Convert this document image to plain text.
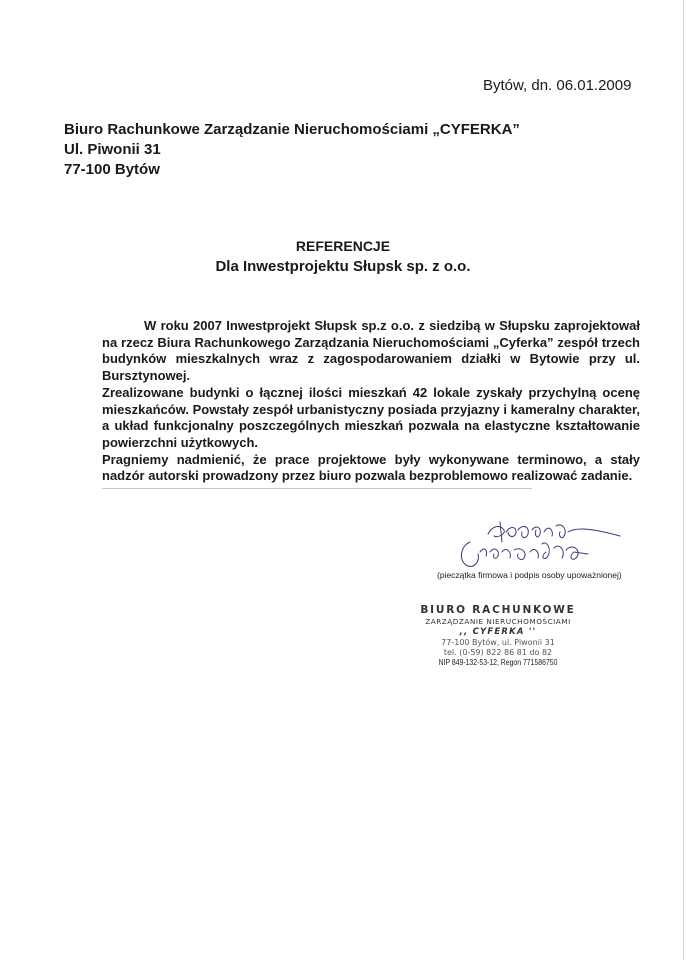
Bytów, dn. 06.01.2009
Biuro Rachunkowe Zarządzanie Nieruchomościami „CYFERKA”
Ul. Piwonii 31
77-100 Bytów
REFERENCJE
Dla Inwestprojektu Słupsk sp. z o.o.

W roku 2007 Inwestprojekt Słupsk sp.z o.o. z siedzibą w Słupsku zaprojektował na rzecz Biura Rachunkowego Zarządzania Nieruchomościami „Cyferka” zespół trzech budynków mieszkalnych wraz z zagospodarowaniem działki w Bytowie przy ul. Bursztynowej.

Zrealizowane budynki o łącznej ilości mieszkań 42 lokale zyskały przychylną ocenę mieszkańców. Powstały zespół urbanistyczny posiada przyjazny i kameralny charakter, a układ funkcjonalny poszczególnych mieszkań pozwala na elastyczne kształtowanie powierzchni użytkowych.

Pragniemy nadmienić, że prace projektowe były wykonywane terminowo, a stały nadzór autorski prowadzony przez biuro pozwala bezproblemowo realizować zadanie.

(pieczątka firmowa i podpis osoby upoważnionej)
BIURO RACHUNKOWE
ZARZĄDZANIE NIERUCHOMOŚCIAMI
,, CYFERKA ''
77-100 Bytów, ul. Piwonii 31
tel. (0-59) 822 86 81 do 82
NIP 849-132-53-12, Regon 771586750
